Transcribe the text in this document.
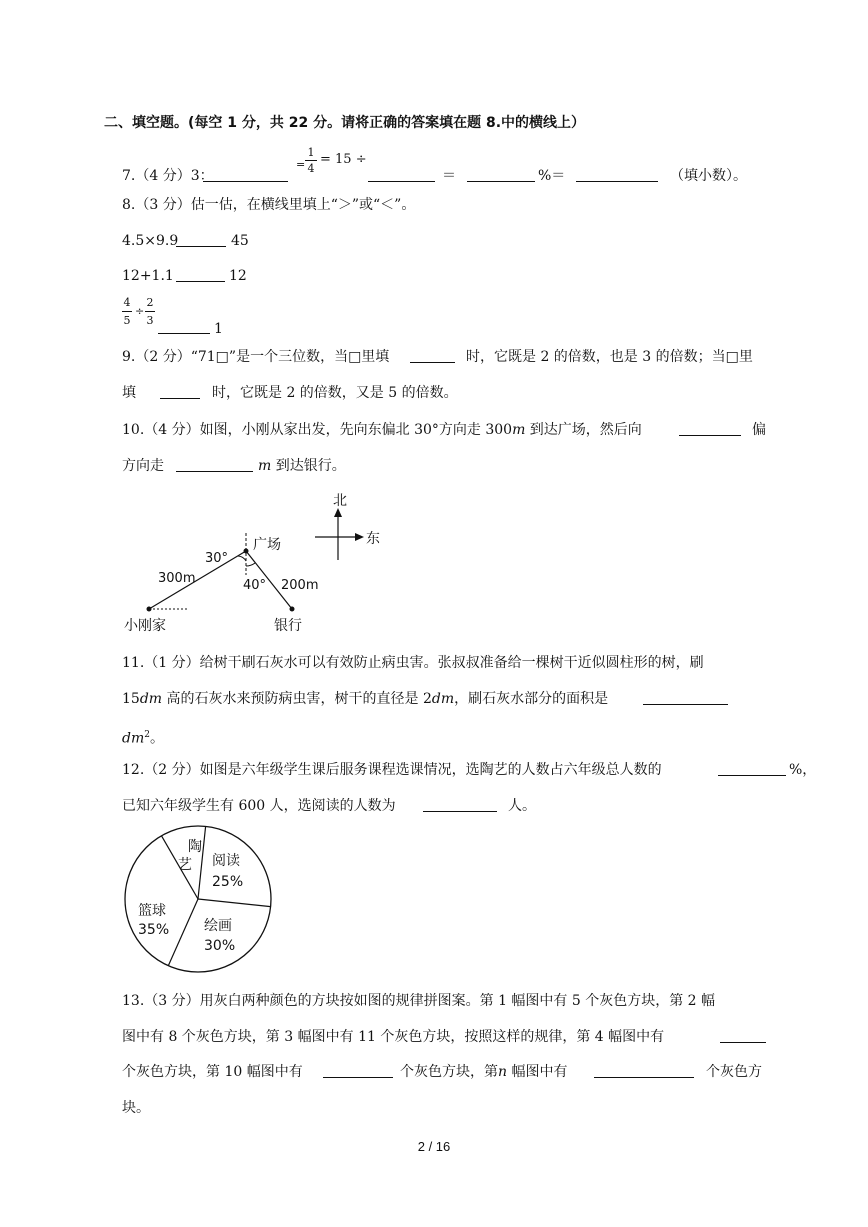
二、填空题。(每空 1 分，共 22 分。请将正确的答案填在题 8.中的横线上）
7.（4 分）3：
=
1
4
= 15 ÷
＝	%＝	（填小数）。
8.（3 分）估一估，在横线里填上“＞”或“＜”。
4.5×9.9	45
12+1.1	12
4
5
÷
2
3
1
9.（2 分）“71□”是一个三位数，当□里填	时，它既是 2 的倍数，也是 3 的倍数；当□里
填	时，它既是 2 的倍数，又是 5 的倍数。
10.（4 分）如图，小刚从家出发，先向东偏北 30°方向走 300m 到达广场，然后向	偏
方向走	m 到达银行。
北
东
广场
30°
40°
300m	200m
小刚家	银行
11.（1 分）给树干刷石灰水可以有效防止病虫害。张叔叔准备给一棵树干近似圆柱形的树，刷
15dm 高的石灰水来预防病虫害，树干的直径是 2dm，刷石灰水部分的面积是
$dm^2$。
12.（2 分）如图是六年级学生课后服务课程选课情况，选陶艺的人数占六年级总人数的	%，
已知六年级学生有 600 人，选阅读的人数为	人。
陶
艺 阅读
25%
绘画
30%
篮球
35%
13.（3 分）用灰白两种颜色的方块按如图的规律拼图案。第 1 幅图中有 5 个灰色方块，第 2 幅
图中有 8 个灰色方块，第 3 幅图中有 11 个灰色方块，按照这样的规律，第 4 幅图中有
个灰色方块，第 10 幅图中有	个灰色方块，第n 幅图中有	个灰色方
块。
2 / 16
